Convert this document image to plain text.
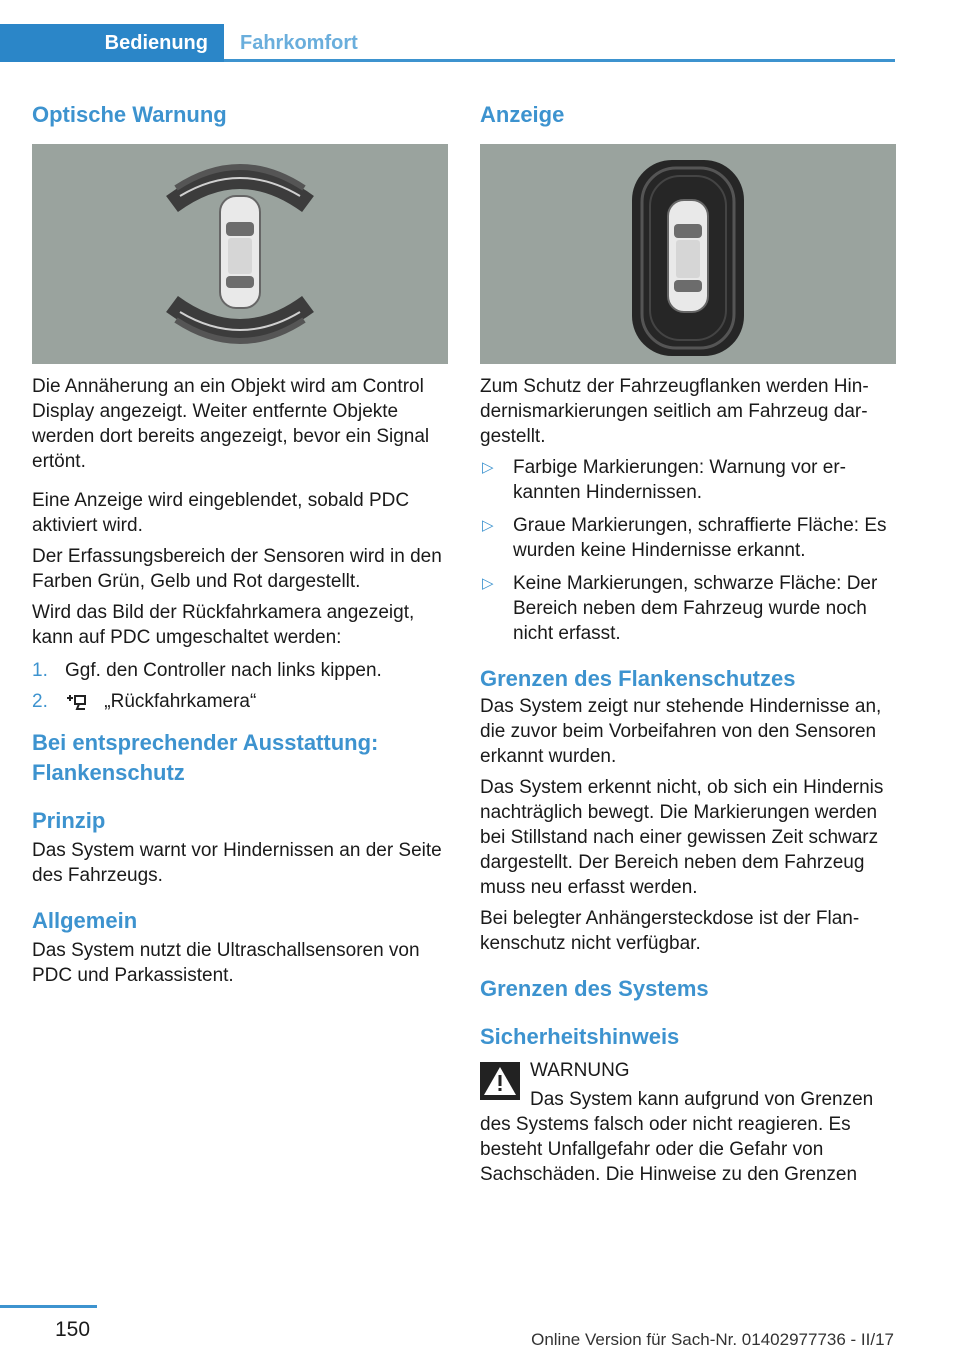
Bedienung	Fahrkomfort
Optische Warnung
Die Annäherung an ein Objekt wird am Control Display angezeigt. Weiter entfernte Objekte werden dort bereits angezeigt, bevor ein Signal ertönt.
Eine Anzeige wird eingeblendet, sobald PDC aktiviert wird.
Der Erfassungsbereich der Sensoren wird in den Farben Grün, Gelb und Rot dargestellt.
Wird das Bild der Rückfahrkamera angezeigt, kann auf PDC umgeschaltet werden:
1. Ggf. den Controller nach links kippen.
2.	„Rückfahrkamera“
Bei entsprechender Ausstattung: Flankenschutz
Prinzip
Das System warnt vor Hindernissen an der Seite des Fahrzeugs.
Allgemein
Das System nutzt die Ultraschallsensoren von PDC und Parkassistent.
Anzeige
Zum Schutz der Fahrzeugflanken werden Hindernismarkierungen seitlich am Fahrzeug dargestellt.
▷ Farbige Markierungen: Warnung vor erkannten Hindernissen.
▷ Graue Markierungen, schraffierte Fläche: Es wurden keine Hindernisse erkannt.
▷ Keine Markierungen, schwarze Fläche: Der Bereich neben dem Fahrzeug wurde noch nicht erfasst.
Grenzen des Flankenschutzes
Das System zeigt nur stehende Hindernisse an, die zuvor beim Vorbeifahren von den Sensoren erkannt wurden.
Das System erkennt nicht, ob sich ein Hindernis nachträglich bewegt. Die Markierungen werden bei Stillstand nach einer gewissen Zeit schwarz dargestellt. Der Bereich neben dem Fahrzeug muss neu erfasst werden.
Bei belegter Anhängersteckdose ist der Flankenschutz nicht verfügbar.
Grenzen des Systems
Sicherheitshinweis
WARNUNG
Das System kann aufgrund von Grenzen des Systems falsch oder nicht reagieren. Es besteht Unfallgefahr oder die Gefahr von Sachschäden. Die Hinweise zu den Grenzen
150	Online Version für Sach-Nr. 01402977736 - II/17
